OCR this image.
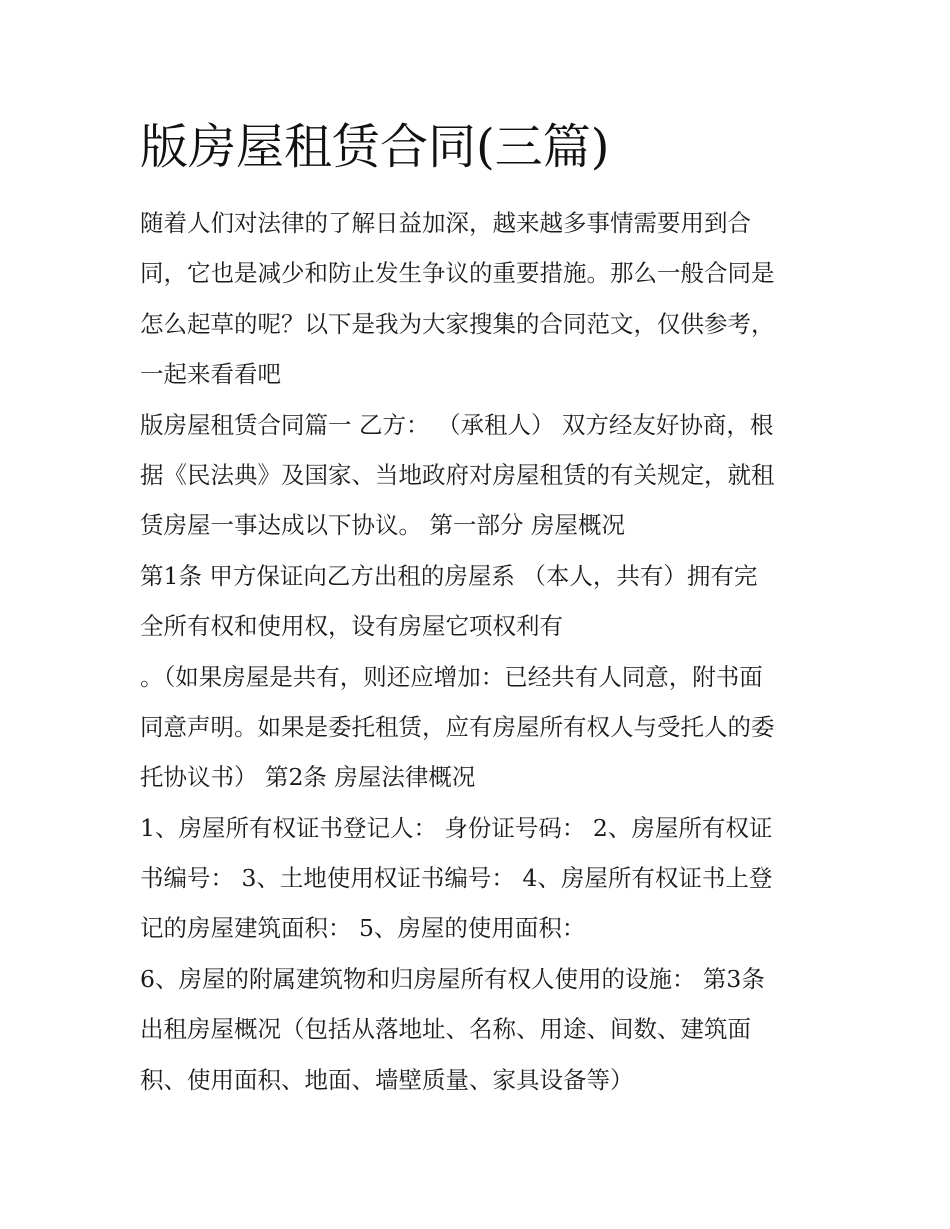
版房屋租赁合同(三篇)
随着人们对法律的了解日益加深，越来越多事情需要用到合
同，它也是减少和防止发生争议的重要措施。那么一般合同是
怎么起草的呢？以下是我为大家搜集的合同范文，仅供参考，
一起来看看吧
版房屋租赁合同篇一 乙方： （承租人） 双方经友好协商，根
据《民法典》及国家、当地政府对房屋租赁的有关规定，就租
赁房屋一事达成以下协议。 第一部分 房屋概况
第1条 甲方保证向乙方出租的房屋系 （本人，共有）拥有完
全所有权和使用权，设有房屋它项权利有
。（如果房屋是共有，则还应增加：已经共有人同意，附书面
同意声明。如果是委托租赁，应有房屋所有权人与受托人的委
托协议书） 第2条 房屋法律概况
1、房屋所有权证书登记人： 身份证号码： 2、房屋所有权证
书编号： 3、土地使用权证书编号： 4、房屋所有权证书上登
记的房屋建筑面积： 5、房屋的使用面积：
6、房屋的附属建筑物和归房屋所有权人使用的设施： 第3条
出租房屋概况（包括从落地址、名称、用途、间数、建筑面
积、使用面积、地面、墙壁质量、家具设备等）
